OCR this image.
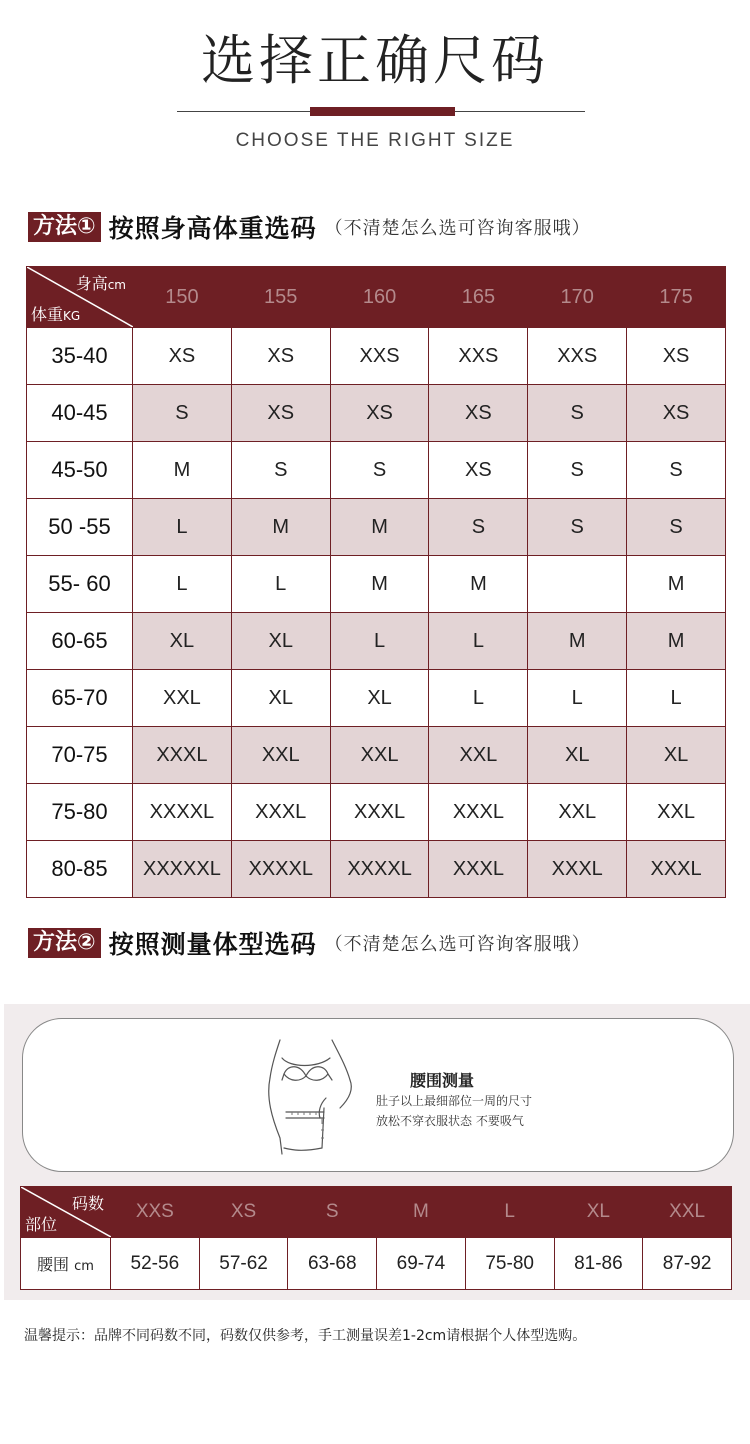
选择正确尺码
CHOOSE THE RIGHT SIZE
方法① 按照身高体重选码 （不清楚怎么选可咨询客服哦）
身高cm
体重KG	150	155	160	165	170	175
35-40	XS	XS	XXS	XXS	XXS	XS
40-45	S	XS	XS	XS	S	XS
45-50	M	S	S	XS	S	S
50 -55	L	M	M	S	S	S
55- 60	L	L	M	M		M
60-65	XL	XL	L	L	M	M
65-70	XXL	XL	XL	L	L	L
70-75	XXXL	XXL	XXL	XXL	XL	XL
75-80	XXXXL	XXXL	XXXL	XXXL	XXL	XXL
80-85	XXXXXL	XXXXL	XXXXL	XXXL	XXXL	XXXL
方法② 按照测量体型选码 （不清楚怎么选可咨询客服哦）
腰围测量
肚子以上最细部位一周的尺寸
放松不穿衣服状态 不要吸气
码数
部位	XXS	XS	S	M	L	XL	XXL
腰围 cm	52-56	57-62	63-68	69-74	75-80	81-86	87-92
温馨提示：品牌不同码数不同，码数仅供参考，手工测量误差1-2cm请根据个人体型选购。
